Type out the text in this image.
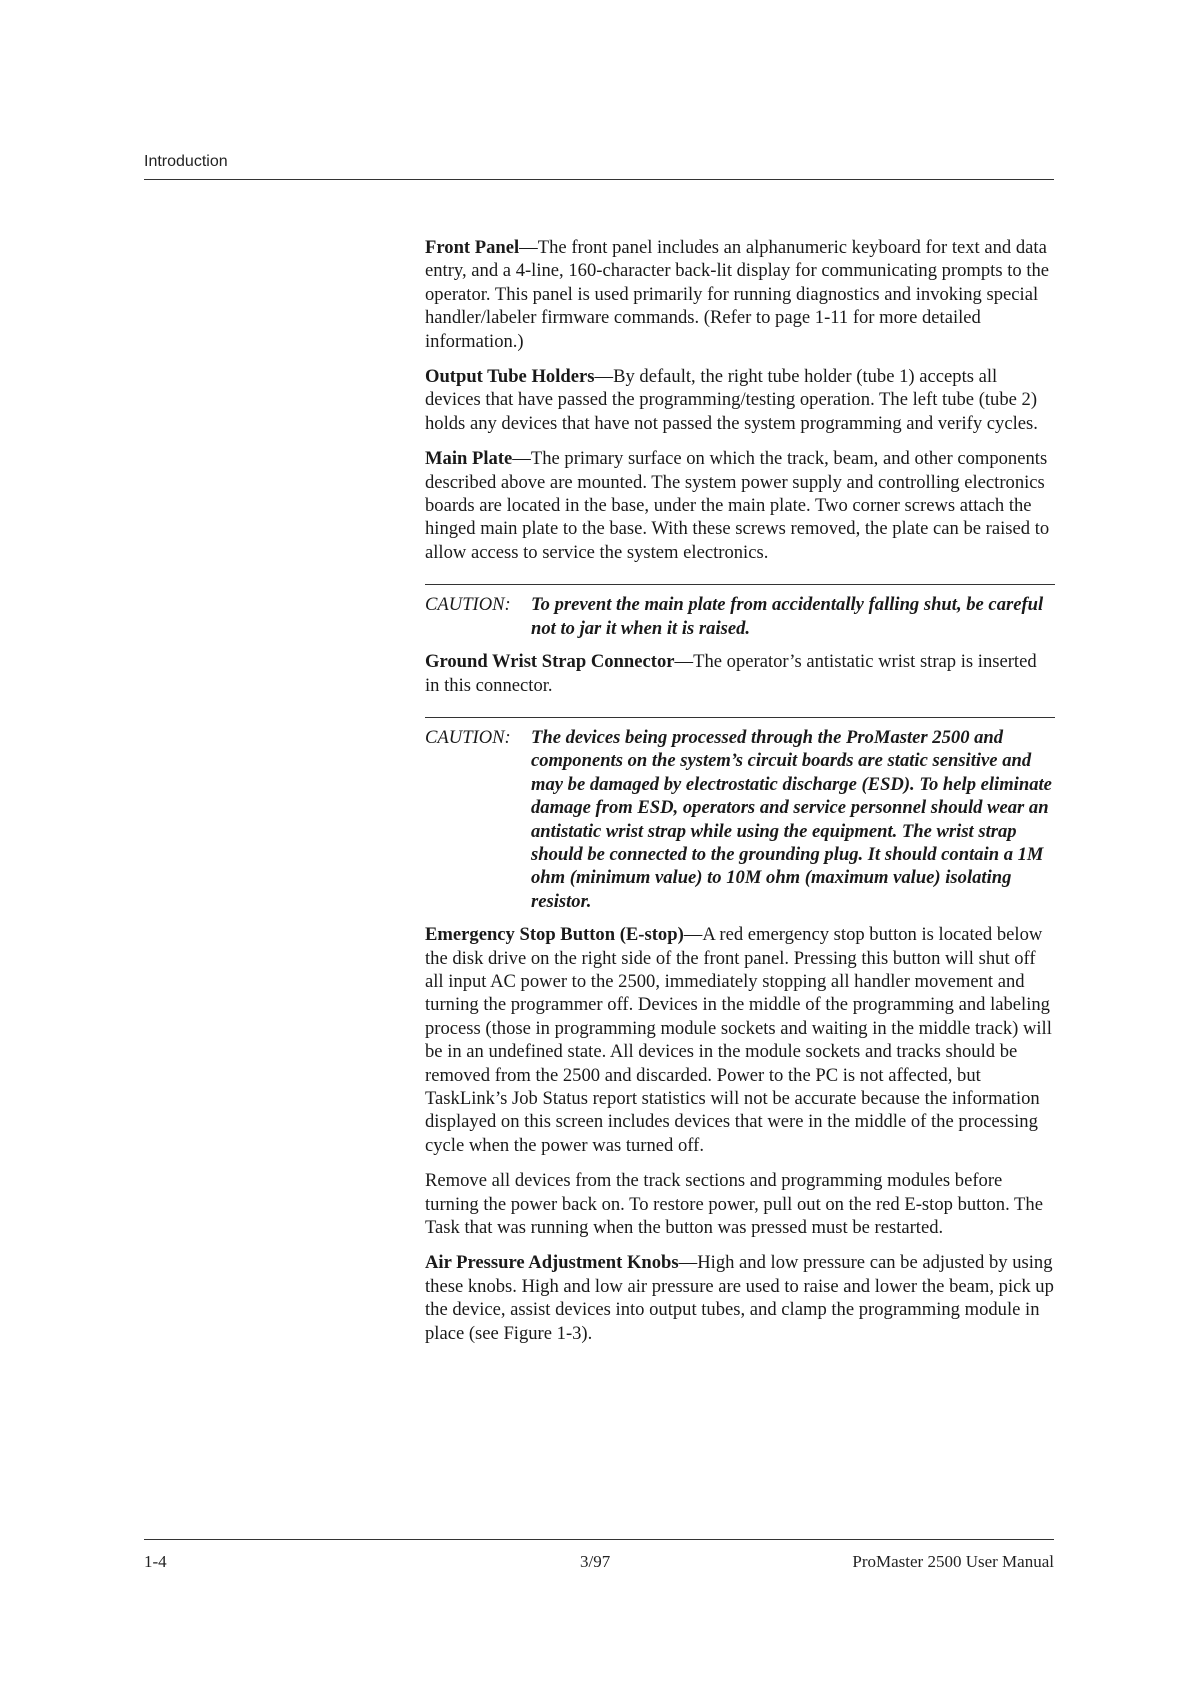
Introduction

Front Panel—The front panel includes an alphanumeric keyboard for text and data entry, and a 4-line, 160-character back-lit display for communicating prompts to the operator. This panel is used primarily for running diagnostics and invoking special handler/labeler firmware commands. (Refer to page 1-11 for more detailed information.)

Output Tube Holders—By default, the right tube holder (tube 1) accepts all devices that have passed the programming/testing operation. The left tube (tube 2) holds any devices that have not passed the system programming and verify cycles.

Main Plate—The primary surface on which the track, beam, and other components described above are mounted. The system power supply and controlling electronics boards are located in the base, under the main plate. Two corner screws attach the hinged main plate to the base. With these screws removed, the plate can be raised to allow access to service the system electronics.

CAUTION:	To prevent the main plate from accidentally falling shut, be careful not to jar it when it is raised.

Ground Wrist Strap Connector—The operator’s antistatic wrist strap is inserted in this connector.

CAUTION:	The devices being processed through the ProMaster 2500 and components on the system’s circuit boards are static sensitive and may be damaged by electrostatic discharge (ESD). To help eliminate damage from ESD, operators and service personnel should wear an antistatic wrist strap while using the equipment. The wrist strap should be connected to the grounding plug. It should contain a 1M ohm (minimum value) to 10M ohm (maximum value) isolating resistor.

Emergency Stop Button (E-stop)—A red emergency stop button is located below the disk drive on the right side of the front panel. Pressing this button will shut off all input AC power to the 2500, immediately stopping all handler movement and turning the programmer off. Devices in the middle of the programming and labeling process (those in programming module sockets and waiting in the middle track) will be in an undefined state. All devices in the module sockets and tracks should be removed from the 2500 and discarded. Power to the PC is not affected, but TaskLink’s Job Status report statistics will not be accurate because the information displayed on this screen includes devices that were in the middle of the processing cycle when the power was turned off.

Remove all devices from the track sections and programming modules before turning the power back on. To restore power, pull out on the red E-stop button. The Task that was running when the button was pressed must be restarted.

Air Pressure Adjustment Knobs—High and low pressure can be adjusted by using these knobs. High and low air pressure are used to raise and lower the beam, pick up the device, assist devices into output tubes, and clamp the programming module in place (see Figure 1-3).

1-4	3/97	ProMaster 2500 User Manual
